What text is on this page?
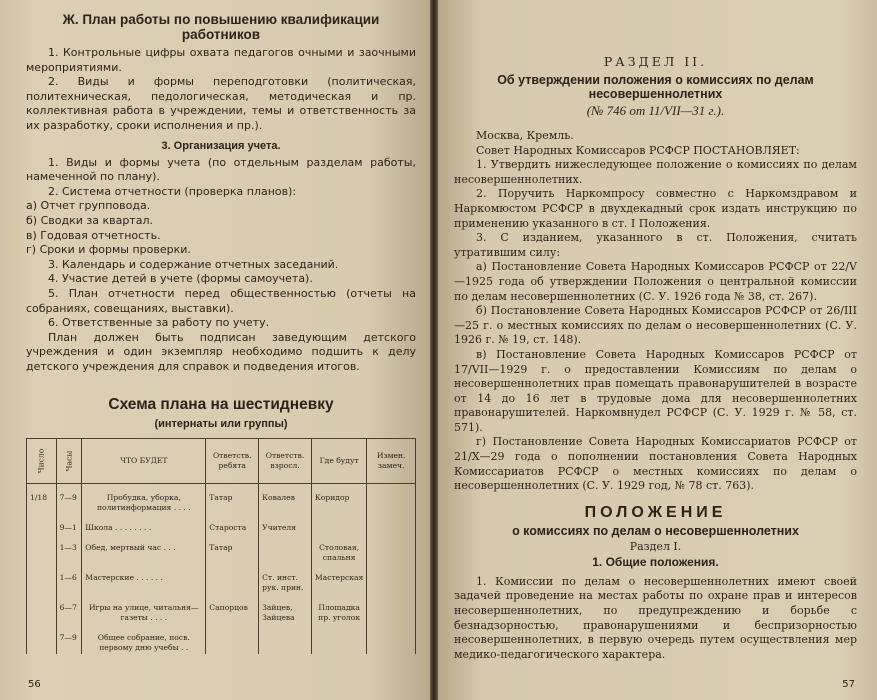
Ж. План работы по повышению квалификации работников

1. Контрольные цифры охвата педагогов очными и заочными мероприятиями.

2. Виды и формы переподготовки (политическая, политехническая, педологическая, методическая и пр. коллективная работа в учреждении, темы и ответственность за их разработку, сроки исполнения и пр.).

3. Организация учета.

1. Виды и формы учета (по отдельным разделам работы, намеченной по плану).

2. Система отчетности (проверка планов):

а) Отчет групповода.

б) Сводки за квартал.

в) Годовая отчетность.

г) Сроки и формы проверки.

3. Календарь и содержание отчетных заседаний.

4. Участие детей в учете (формы самоучета).

5. План отчетности перед общественностью (отчеты на собраниях, совещаниях, выставки).

6. Ответственные за работу по учету.

План должен быть подписан заведующим детского учреждения и один экземпляр необходимо подшить к делу детского учреждения для справок и подведения итогов.

Схема плана на шестидневку
(интернаты или группы)
Число	Часы	ЧТО БУДЕТ	Ответств. ребята	Ответств. взросл.	Где будут	Измен. замеч.

1/18	7—9	Пробудка, уборка, политинформация . . . .	Татар	Ковалев	Коридор	

	9—1	Школа . . . . . . . .	Староста	Учителя		

	1—3	Обед, мертвый час . . .	Татар		Столовая, спальня	

	1—6	Мастерские . . . . . .		Ст. инст. рук. прин.	Мастерская	

	6—7	Игры на улице, читальня—газеты . . . .	Сапорцов	Зайцев, Зайцева	Площадка пр. уголок	

	7—9	Общее собрание, посв. первому дню учебы . .				
56
РАЗДЕЛ II.
Об утверждении положения о комиссиях по делам несовершеннолетних
(№ 746 от 11/VII—31 г.).

Москва, Кремль.

Совет Народных Комиссаров РСФСР ПОСТАНОВЛЯЕТ:

1. Утвердить нижеследующее положение о комиссиях по делам несовершеннолетних.

2. Поручить Наркомпросу совместно с Наркомздравом и Наркомюстом РСФСР в двухдекадный срок издать инструкцию по применению указанного в ст. I Положения.

3. С изданием, указанного в ст. Положения, считать утратившим силу:

а) Постановление Совета Народных Комиссаров РСФСР от 22/V—1925 года об утверждении Положения о центральной комиссии по делам несовершеннолетних (С. У. 1926 года № 38, ст. 267).

б) Постановление Совета Народных Комиссаров РСФСР от 26/III—25 г. о местных комиссиях по делам о несовершеннолетних (С. У. 1926 г. № 19, ст. 148).

в) Постановление Совета Народных Комиссаров РСФСР от 17/VII—1929 г. о предоставлении Комиссиям по делам о несовершеннолетних прав помещать правонарушителей в возрасте от 14 до 16 лет в трудовые дома для несовершеннолетних правонарушителей. Наркомвнудел РСФСР (С. У. 1929 г. № 58, ст. 571).

г) Постановление Совета Народных Комиссариатов РСФСР от 21/X—29 года о пополнении постановления Совета Народных Комиссариатов РСФСР о местных комиссиях по делам о несовершеннолетних (С. У. 1929 год, № 78 ст. 763).

ПОЛОЖЕНИЕ
о комиссиях по делам о несовершеннолетних
Раздел I.
1. Общие положения.

1. Комиссии по делам о несовершеннолетних имеют своей задачей проведение на местах работы по охране прав и интересов несовершеннолетних, по предупреждению и борьбе с безнадзорностью, правонарушениями и беспризорностью несовершеннолетних, в первую очередь путем осуществления мер медико-педагогического характера.

57
